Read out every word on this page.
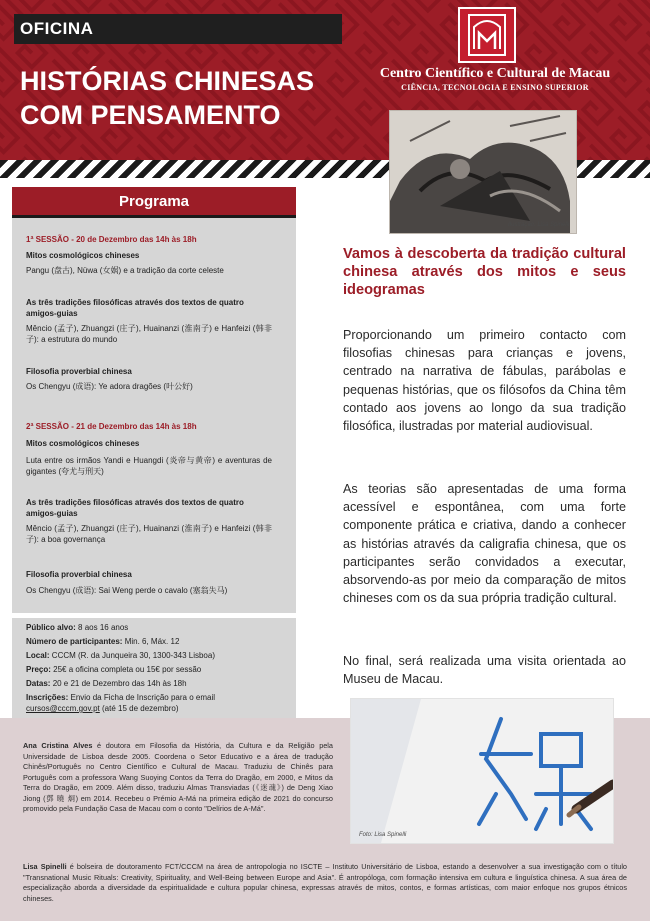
OFICINA
HISTÓRIAS CHINESAS
COM PENSAMENTO
Centro Científico e Cultural de Macau
CIÊNCIA, TECNOLOGIA E ENSINO SUPERIOR
Ilustração: Lisa Spinelli
Programa
1ª SESSÃO - 20 de Dezembro das 14h às 18h
Mitos cosmológicos chineses
Pangu (盘古), Nüwa (女娲) e a tradição da corte celeste
As três tradições filosóficas através dos textos de quatro amigos-guias
Mêncio (孟子), Zhuangzi (庄子), Huainanzi (淮南子) e Hanfeizi (韩非子): a estrutura do mundo
Filosofia proverbial chinesa
Os Chengyu (成语): Ye adora dragões (叶公好)
2ª SESSÃO - 21 de Dezembro das 14h às 18h
Mitos cosmológicos chineses
Luta entre os irmãos Yandi e Huangdi (炎帝与黄帝) e aventuras de gigantes (夸尤与刑天)
As três tradições filosóficas através dos textos de quatro amigos-guias
Mêncio (孟子), Zhuangzi (庄子), Huainanzi (淮南子) e Hanfeizi (韩非子): a boa governança
Filosofia proverbial chinesa
Os Chengyu (成语): Sai Weng perde o cavalo (塞翁失马)
Público alvo: 8 aos 16 anos
Número de participantes: Min. 6, Máx. 12
Local: CCCM (R. da Junqueira 30, 1300-343 Lisboa)
Preço: 25€ a oficina completa ou 15€ por sessão
Datas: 20 e 21 de Dezembro das 14h às 18h
Inscrições: Envio da Ficha de Inscrição para o email
cursos@cccm.gov.pt (até 15 de dezembro)
Vamos à descoberta da tradição cultural chinesa através dos mitos e seus ideogramas
Proporcionando um primeiro contacto com filosofias chinesas para crianças e jovens, centrado na narrativa de fábulas, parábolas e pequenas histórias, que os filósofos da China têm contado aos jovens ao longo da sua tradição filosófica, ilustradas por material audiovisual.
As teorias são apresentadas de uma forma acessível e espontânea, com uma forte componente prática e criativa, dando a conhecer as histórias através da caligrafia chinesa, que os participantes serão convidados a executar, absorvendo-as por meio da comparação de mitos chineses com os da sua própria tradição cultural.
No final, será realizada uma visita orientada ao Museu de Macau.
Foto: Lisa Spinelli
Ana Cristina Alves é doutora em Filosofia da História, da Cultura e da Religião pela Universidade de Lisboa desde 2005. Coordena o Setor Educativo e a área de tradução Chinês/Português no Centro Científico e Cultural de Macau. Traduziu de Chinês para Português com a professora Wang Suoying Contos da Terra do Dragão, em 2000, e Mitos da Terra do Dragão, em 2009. Além disso, traduziu Almas Transviadas (《迷魂》) de Deng Xiao Jiong (鄧 曉 炯) em 2014. Recebeu o Prémio A-Má na primeira edição de 2021 do concurso promovido pela Fundação Casa de Macau com o conto "Delírios de A-Má".
Lisa Spinelli é bolseira de doutoramento FCT/CCCM na área de antropologia no ISCTE – Instituto Universitário de Lisboa, estando a desenvolver a sua investigação com o título "Transnational Music Rituals: Creativity, Spirituality, and Well-Being between Europe and Asia". É antropóloga, com formação intensiva em cultura e linguística chinesa. A sua área de especialização aborda a diversidade da espiritualidade e cultura popular chinesa, expressas através de mitos, contos, e formas artísticas, com maior enfoque nos grupos étnicos chineses.
